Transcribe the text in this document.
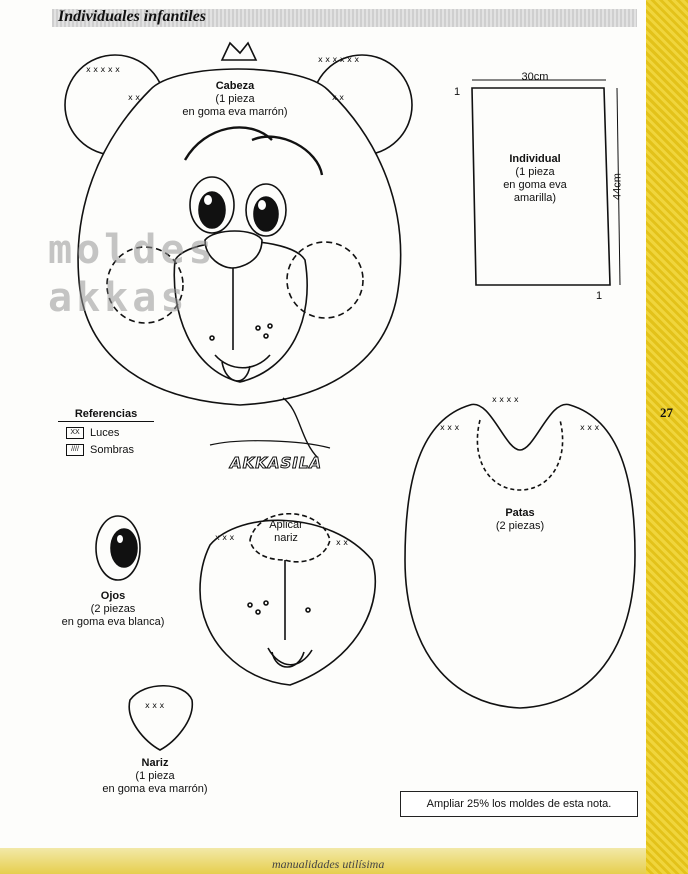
Individuales infantiles
27
manualidades utilísima
x x x x x
x x x x x x
x x	x x
x x x x
x x x	x x x
x x x
x x x
x x
moldes
akkas
AKKASILA
Cabeza
(1 pieza
en goma eva marrón)
30cm
44cm
1
1
Individual
(1 pieza
en goma eva
amarilla)
Referencias
XX Luces
////	Sombras
Ojos
(2 piezas
en goma eva blanca)
Aplicar
nariz
Patas
(2 piezas)
Nariz
(1 pieza
en goma eva marrón)
Ampliar 25% los moldes de esta nota.
